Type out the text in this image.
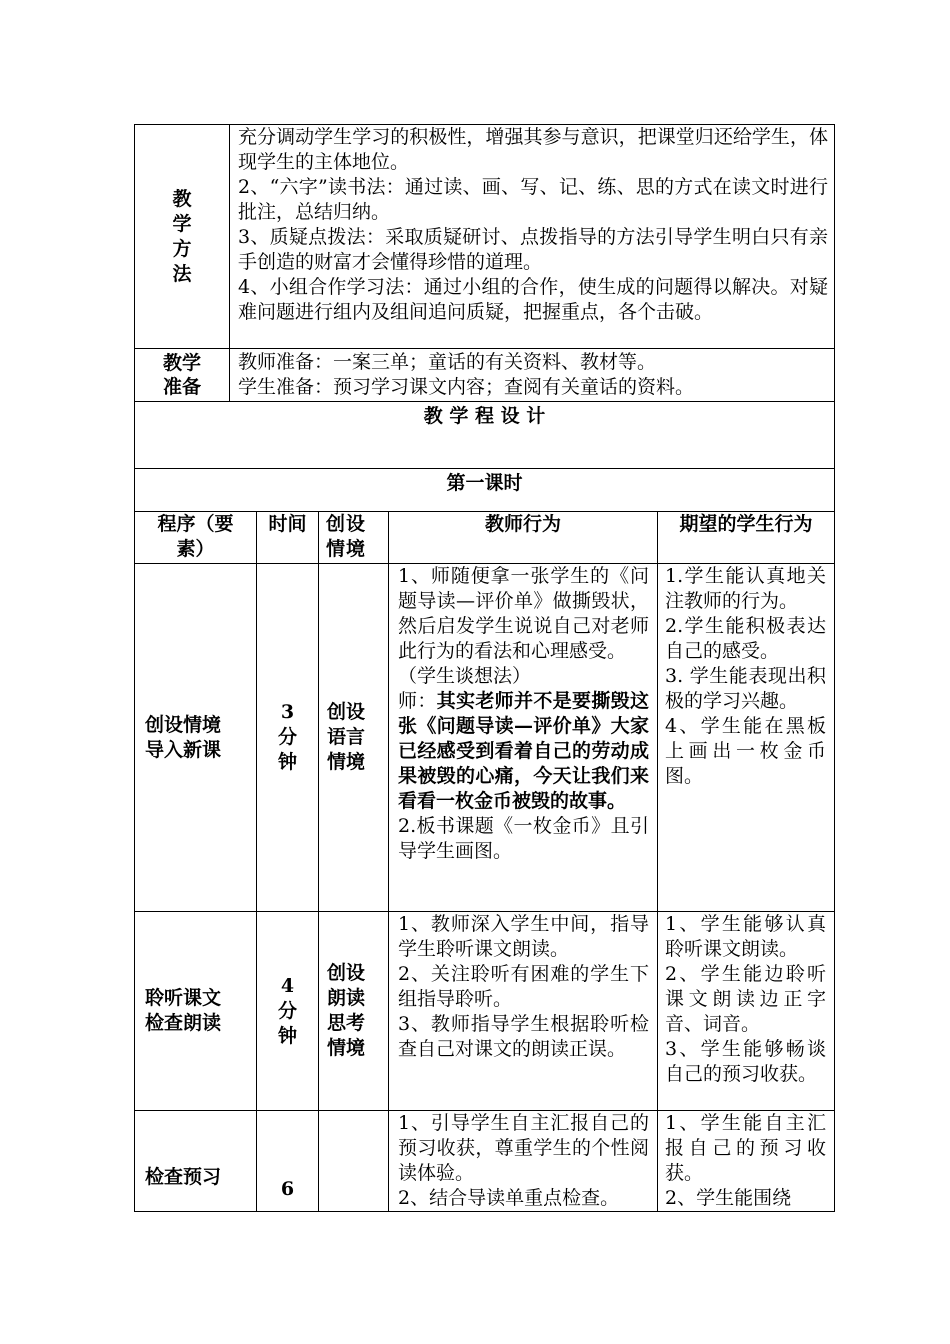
教
学
方
法

充分调动学生学习的积极性，增强其参与意识，把课堂归还给学生，体现学生的主体地位。

2、“六字”读书法：通过读、画、写、记、练、思的方式在读文时进行批注，总结归纳。

3、质疑点拨法：采取质疑研讨、点拨指导的方法引导学生明白只有亲手创造的财富才会懂得珍惜的道理。

4、小组合作学习法：通过小组的合作，使生成的问题得以解决。对疑难问题进行组内及组间追问质疑，把握重点，各个击破。

教学
准备

教师准备：一案三单；童话的有关资料、教材等。

学生准备：预习学习课文内容；查阅有关童话的资料。

教 学 程 设 计
第一课时
程序（要素）
时间	创设情境
教师行为	期望的学生行为
创设情境
导入新课
3
分
钟
创设
语言
情境

1、师随便拿一张学生的《问题导读—评价单》做撕毁状，然后启发学生说说自己对老师此行为的看法和心理感受。

（学生谈想法）

师：其实老师并不是要撕毁这张《问题导读—评价单》大家已经感受到看着自己的劳动成果被毁的心痛，今天让我们来看看一枚金币被毁的故事。

2.板书课题《一枚金币》且引导学生画图。

1.学生能认真地关注教师的行为。

2.学生能积极表达自己的感受。

3. 学生能表现出积极的学习兴趣。

4、学生能在黑板上画出一枚金币图。

聆听课文
检查朗读
4
分
钟
创设
朗读
思考
情境

1、教师深入学生中间，指导学生聆听课文朗读。

2、关注聆听有困难的学生下组指导聆听。

3、教师指导学生根据聆听检查自己对课文的朗读正误。

1、学生能够认真聆听课文朗读。

2、学生能边聆听课文朗读边正字音、词音。

3、学生能够畅谈自己的预习收获。

检查预习
6

1、引导学生自主汇报自己的预习收获，尊重学生的个性阅读体验。

2、结合导读单重点检查。

1、学生能自主汇报自己的预习收获。

2、学生能围绕
